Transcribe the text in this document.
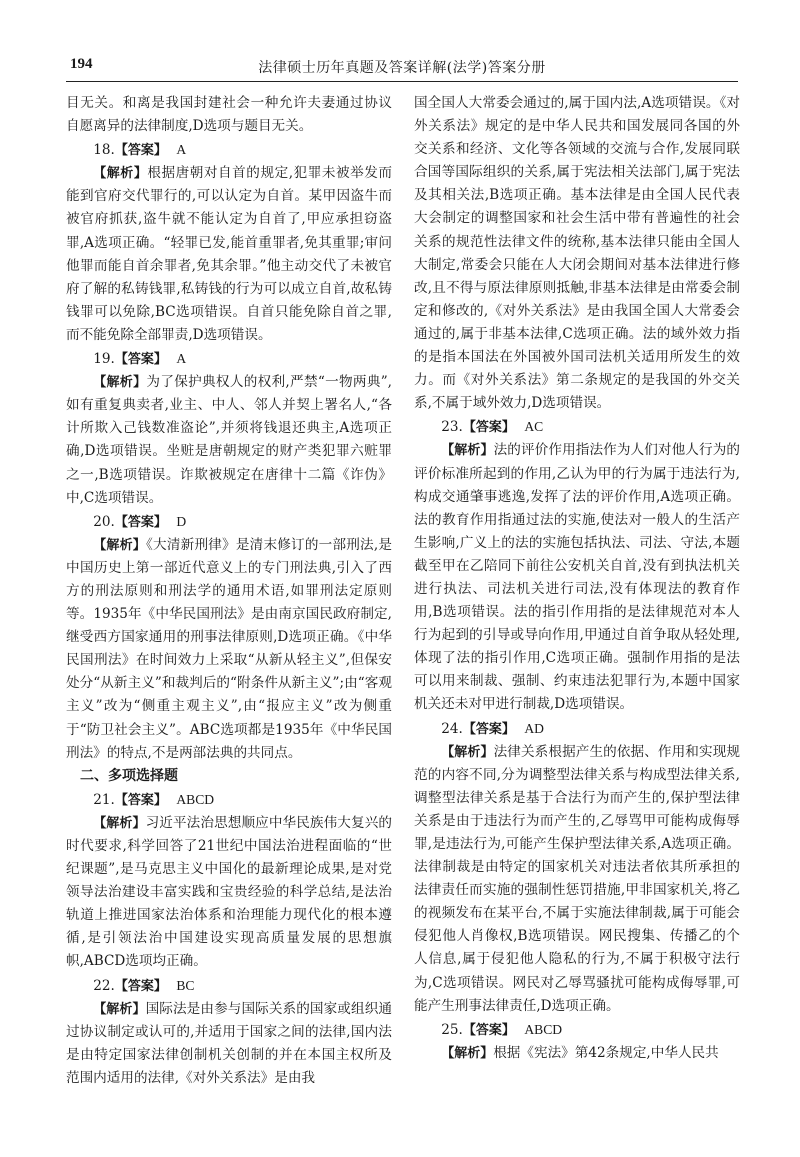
194	法律硕士历年真题及答案详解(法学)答案分册

目无关。和离是我国封建社会一种允许夫妻通过协议自愿离异的法律制度,D选项与题目无关。

18.【答案】 A

【解析】根据唐朝对自首的规定,犯罪未被举发而能到官府交代罪行的,可以认定为自首。某甲因盗牛而被官府抓获,盗牛就不能认定为自首了,甲应承担窃盗罪,A选项正确。“轻罪已发,能首重罪者,免其重罪;审问他罪而能自首余罪者,免其余罪。”他主动交代了未被官府了解的私铸钱罪,私铸钱的行为可以成立自首,故私铸钱罪可以免除,BC选项错误。自首只能免除自首之罪,而不能免除全部罪责,D选项错误。

19.【答案】 A

【解析】为了保护典权人的权利,严禁“一物两典”,如有重复典卖者,业主、中人、邻人并契上署名人,“各计所欺入己钱数准盗论”,并须将钱退还典主,A选项正确,D选项错误。坐赃是唐朝规定的财产类犯罪六赃罪之一,B选项错误。诈欺被规定在唐律十二篇《诈伪》中,C选项错误。

20.【答案】 D

【解析】《大清新刑律》是清末修订的一部刑法,是中国历史上第一部近代意义上的专门刑法典,引入了西方的刑法原则和刑法学的通用术语,如罪刑法定原则等。1935年《中华民国刑法》是由南京国民政府制定,继受西方国家通用的刑事法律原则,D选项正确。《中华民国刑法》在时间效力上采取“从新从轻主义”,但保安处分“从新主义”和裁判后的“附条件从新主义”;由“客观主义”改为“侧重主观主义”,由“报应主义”改为侧重于“防卫社会主义”。ABC选项都是1935年《中华民国刑法》的特点,不是两部法典的共同点。

二、多项选择题

21.【答案】 ABCD

【解析】习近平法治思想顺应中华民族伟大复兴的时代要求,科学回答了21世纪中国法治进程面临的“世纪课题”,是马克思主义中国化的最新理论成果,是对党领导法治建设丰富实践和宝贵经验的科学总结,是法治轨道上推进国家法治体系和治理能力现代化的根本遵循,是引领法治中国建设实现高质量发展的思想旗帜,ABCD选项均正确。

22.【答案】 BC

【解析】国际法是由参与国际关系的国家或组织通过协议制定或认可的,并适用于国家之间的法律,国内法是由特定国家法律创制机关创制的并在本国主权所及范围内适用的法律,《对外关系法》是由我

国全国人大常委会通过的,属于国内法,A选项错误。《对外关系法》规定的是中华人民共和国发展同各国的外交关系和经济、文化等各领域的交流与合作,发展同联合国等国际组织的关系,属于宪法相关法部门,属于宪法及其相关法,B选项正确。基本法律是由全国人民代表大会制定的调整国家和社会生活中带有普遍性的社会关系的规范性法律文件的统称,基本法律只能由全国人大制定,常委会只能在人大闭会期间对基本法律进行修改,且不得与原法律原则抵触,非基本法律是由常委会制定和修改的,《对外关系法》是由我国全国人大常委会通过的,属于非基本法律,C选项正确。法的域外效力指的是指本国法在外国被外国司法机关适用所发生的效力。而《对外关系法》第二条规定的是我国的外交关系,不属于域外效力,D选项错误。

23.【答案】 AC

【解析】法的评价作用指法作为人们对他人行为的评价标准所起到的作用,乙认为甲的行为属于违法行为,构成交通肇事逃逸,发挥了法的评价作用,A选项正确。法的教育作用指通过法的实施,使法对一般人的生活产生影响,广义上的法的实施包括执法、司法、守法,本题截至甲在乙陪同下前往公安机关自首,没有到执法机关进行执法、司法机关进行司法,没有体现法的教育作用,B选项错误。法的指引作用指的是法律规范对本人行为起到的引导或导向作用,甲通过自首争取从轻处理,体现了法的指引作用,C选项正确。强制作用指的是法可以用来制裁、强制、约束违法犯罪行为,本题中国家机关还未对甲进行制裁,D选项错误。

24.【答案】 AD

【解析】法律关系根据产生的依据、作用和实现规范的内容不同,分为调整型法律关系与构成型法律关系,调整型法律关系是基于合法行为而产生的,保护型法律关系是由于违法行为而产生的,乙辱骂甲可能构成侮辱罪,是违法行为,可能产生保护型法律关系,A选项正确。法律制裁是由特定的国家机关对违法者依其所承担的法律责任而实施的强制性惩罚措施,甲非国家机关,将乙的视频发布在某平台,不属于实施法律制裁,属于可能会侵犯他人肖像权,B选项错误。网民搜集、传播乙的个人信息,属于侵犯他人隐私的行为,不属于积极守法行为,C选项错误。网民对乙辱骂骚扰可能构成侮辱罪,可能产生刑事法律责任,D选项正确。

25.【答案】 ABCD

【解析】根据《宪法》第42条规定,中华人民共
